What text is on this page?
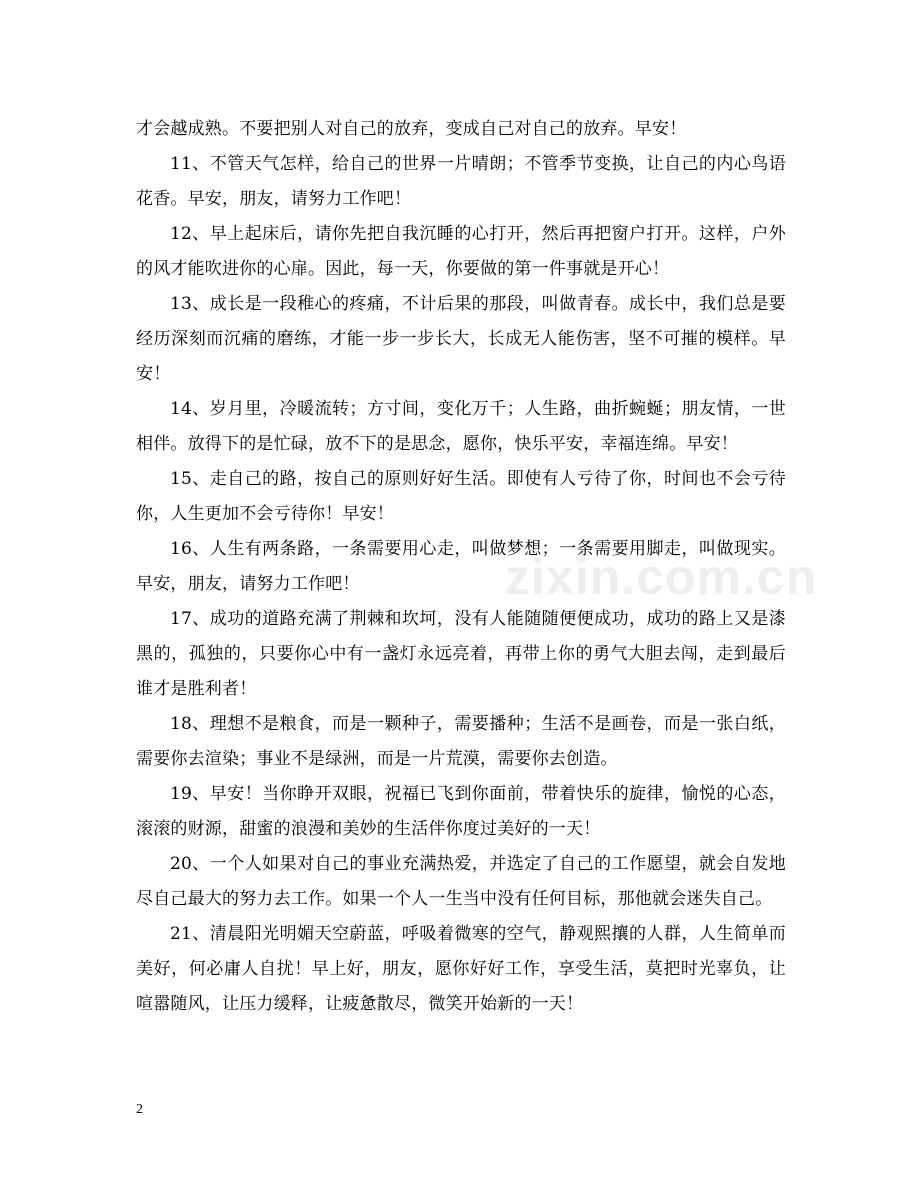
才会越成熟。不要把别人对自己的放弃，变成自己对自己的放弃。早安！

11、不管天气怎样，给自己的世界一片晴朗；不管季节变换，让自己的内心鸟语花香。早安，朋友，请努力工作吧！

12、早上起床后，请你先把自我沉睡的心打开，然后再把窗户打开。这样，户外的风才能吹进你的心扉。因此，每一天，你要做的第一件事就是开心！

13、成长是一段稚心的疼痛，不计后果的那段，叫做青春。成长中，我们总是要经历深刻而沉痛的磨练，才能一步一步长大，长成无人能伤害，坚不可摧的模样。早安！

14、岁月里，冷暖流转；方寸间，变化万千；人生路，曲折蜿蜒；朋友情，一世相伴。放得下的是忙碌，放不下的是思念，愿你，快乐平安，幸福连绵。早安！

15、走自己的路，按自己的原则好好生活。即使有人亏待了你，时间也不会亏待你，人生更加不会亏待你！早安！

16、人生有两条路，一条需要用心走，叫做梦想；一条需要用脚走，叫做现实。早安，朋友，请努力工作吧！

17、成功的道路充满了荆棘和坎坷，没有人能随随便便成功，成功的路上又是漆黑的，孤独的，只要你心中有一盏灯永远亮着，再带上你的勇气大胆去闯，走到最后谁才是胜利者！

18、理想不是粮食，而是一颗种子，需要播种；生活不是画卷，而是一张白纸，需要你去渲染；事业不是绿洲，而是一片荒漠，需要你去创造。

19、早安！当你睁开双眼，祝福已飞到你面前，带着快乐的旋律，愉悦的心态，滚滚的财源，甜蜜的浪漫和美妙的生活伴你度过美好的一天！

20、一个人如果对自己的事业充满热爱，并选定了自己的工作愿望，就会自发地尽自己最大的努力去工作。如果一个人一生当中没有任何目标，那他就会迷失自己。

21、清晨阳光明媚天空蔚蓝，呼吸着微寒的空气，静观熙攘的人群，人生简单而美好，何必庸人自扰！早上好，朋友，愿你好好工作，享受生活，莫把时光辜负，让喧嚣随风，让压力缓释，让疲惫散尽，微笑开始新的一天！

zixin.com.cn
2
